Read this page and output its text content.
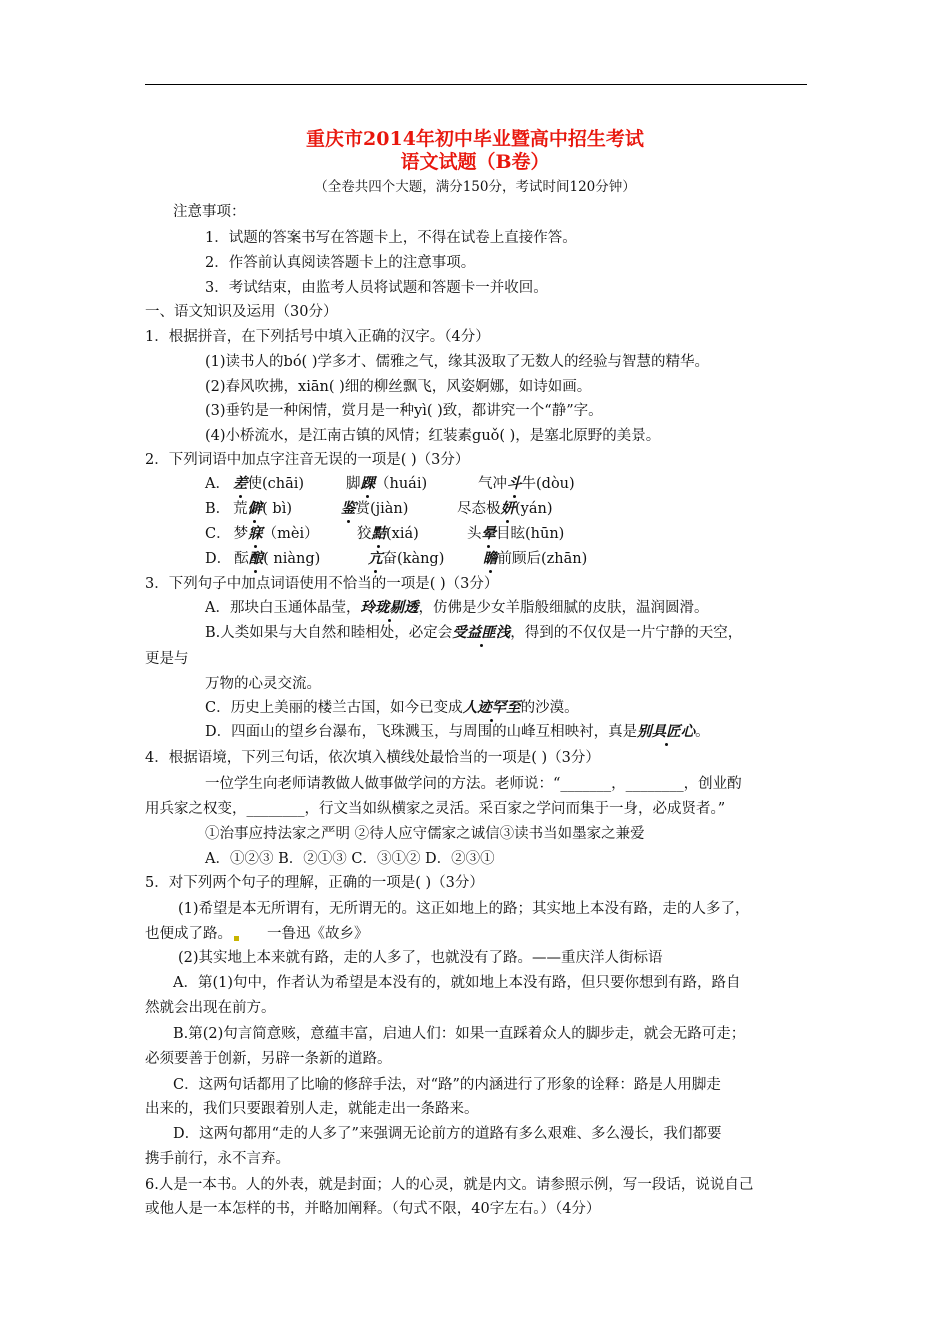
重庆市2014年初中毕业暨高中招生考试
语文试题（B卷）
（全卷共四个大题，满分150分，考试时间120分钟）
注意事项：
1．试题的答案书写在答题卡上，不得在试卷上直接作答。
2．作答前认真阅读答题卡上的注意事项。
3．考试结束，由监考人员将试题和答题卡一并收回。
一、语文知识及运用（30分）
1．根据拼音，在下列括号中填入正确的汉字。（4分）
(1)读书人的bó( )学多才、儒雅之气，缘其汲取了无数人的经验与智慧的精华。
(2)春风吹拂，xiān( )细的柳丝飘飞，风姿婀娜，如诗如画。
(3)垂钓是一种闲情，赏月是一种yì( )致，都讲究一个“静”字。
(4)小桥流水，是江南古镇的风情；红装素guǒ( )，是塞北原野的美景。
2．下列词语中加点字注音无误的一项是( )（3分）
A． 差使(chāi)	脚踝（huái)	气冲斗牛(dòu)
B． 荒僻( bì)	鉴赏(jiàn)	尽态极妍(yán)
C． 梦寐（mèi）	狡黠(xiá)	头晕目眩(hūn)
D． 酝酿( niàng)	亢奋(kàng)	瞻前顾后(zhān)
3．下列句子中加点词语使用不恰当的一项是( )（3分）
A．那块白玉通体晶莹，玲珑剔透，仿佛是少女羊脂般细腻的皮肤，温润圆滑。
B.人类如果与大自然和睦相处，必定会受益匪浅，得到的不仅仅是一片宁静的天空，
更是与
万物的心灵交流。
C．历史上美丽的楼兰古国，如今已变成人迹罕至的沙漠。
D．四面山的望乡台瀑布，飞珠溅玉，与周围的山峰互相映衬，真是别具匠心。
4．根据语境，下列三句话，依次填入横线处最恰当的一项是( )（3分）
一位学生向老师请教做人做事做学问的方法。老师说：“_______，________，创业酌
用兵家之权变，________，行文当如纵横家之灵活。采百家之学问而集于一身，必成贤者。”
①治事应持法家之严明 ②待人应守儒家之诚信③读书当如墨家之兼爱
A．①②③ B．②①③ C．③①② D．②③①
5．对下列两个句子的理解，正确的一项是( )（3分）
(1)希望是本无所谓有，无所谓无的。这正如地上的路；其实地上本没有路，走的人多了，
也便成了路。 一鲁迅《故乡》
(2)其实地上本来就有路，走的人多了，也就没有了路。——重庆洋人街标语
A．第(1)句中，作者认为希望是本没有的，就如地上本没有路，但只要你想到有路，路自
然就会出现在前方。
B.第(2)句言简意赅，意蕴丰富，启迪人们：如果一直踩着众人的脚步走，就会无路可走；
必须要善于创新，另辟一条新的道路。
C．这两句话都用了比喻的修辞手法，对“路”的内涵进行了形象的诠释：路是人用脚走
出来的，我们只要跟着别人走，就能走出一条路来。
D．这两句都用“走的人多了”来强调无论前方的道路有多么艰难、多么漫长，我们都要
携手前行，永不言弃。
6.人是一本书。人的外表，就是封面；人的心灵，就是内文。请参照示例，写一段话，说说自己
或他人是一本怎样的书，并略加阐释。（句式不限，40字左右。）（4分）
